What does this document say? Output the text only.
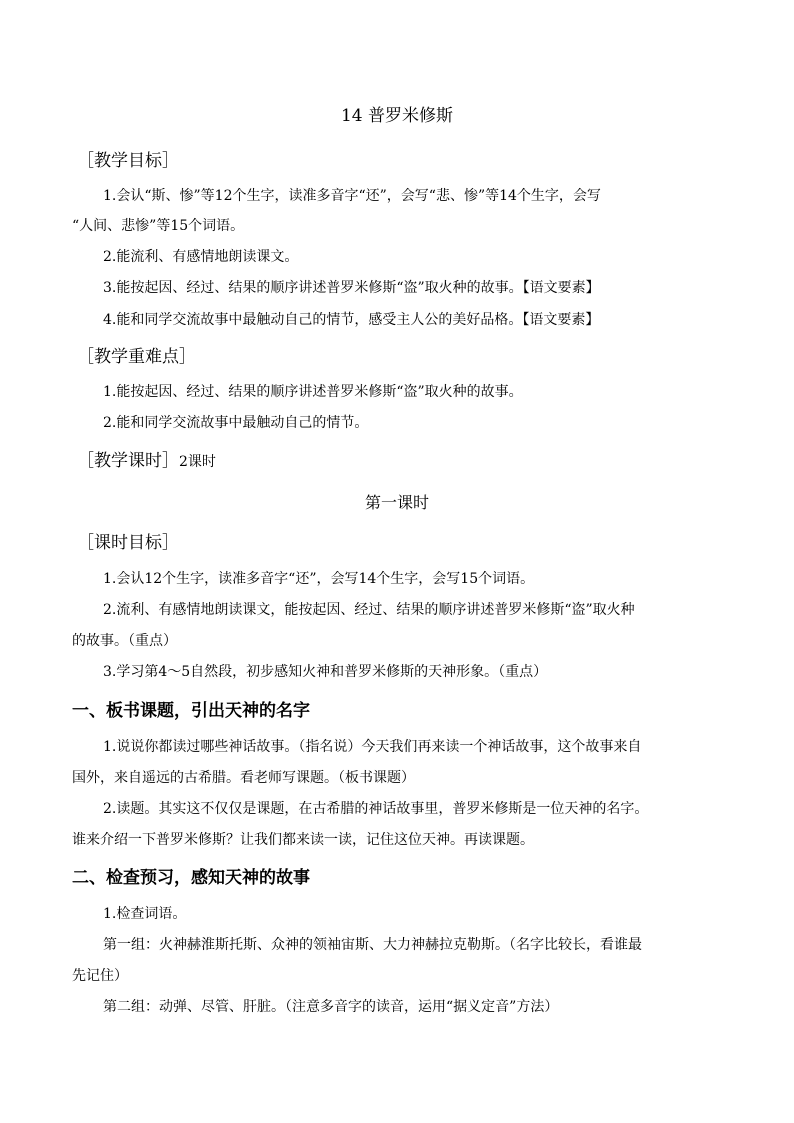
14 普罗米修斯
［教学目标］
1.会认“斯、惨”等12个生字，读准多音字“还”，会写“悲、惨”等14个生字，会写
“人间、悲惨”等15个词语。
2.能流利、有感情地朗读课文。
3.能按起因、经过、结果的顺序讲述普罗米修斯“盗”取火种的故事。【语文要素】
4.能和同学交流故事中最触动自己的情节，感受主人公的美好品格。【语文要素】
［教学重难点］
1.能按起因、经过、结果的顺序讲述普罗米修斯“盗”取火种的故事。
2.能和同学交流故事中最触动自己的情节。
［教学课时］2课时
第一课时
［课时目标］
1.会认12个生字，读准多音字“还”，会写14个生字，会写15个词语。
2.流利、有感情地朗读课文，能按起因、经过、结果的顺序讲述普罗米修斯“盗”取火种
的故事。（重点）
3.学习第4～5自然段，初步感知火神和普罗米修斯的天神形象。（重点）
一、板书课题，引出天神的名字
1.说说你都读过哪些神话故事。（指名说）今天我们再来读一个神话故事，这个故事来自
国外，来自遥远的古希腊。看老师写课题。（板书课题）
2.读题。其实这不仅仅是课题，在古希腊的神话故事里，普罗米修斯是一位天神的名字。
谁来介绍一下普罗米修斯？让我们都来读一读，记住这位天神。再读课题。
二、检查预习，感知天神的故事
1.检查词语。
第一组：火神赫淮斯托斯、众神的领袖宙斯、大力神赫拉克勒斯。（名字比较长，看谁最
先记住）
第二组：动弹、尽管、肝脏。（注意多音字的读音，运用“据义定音”方法）
